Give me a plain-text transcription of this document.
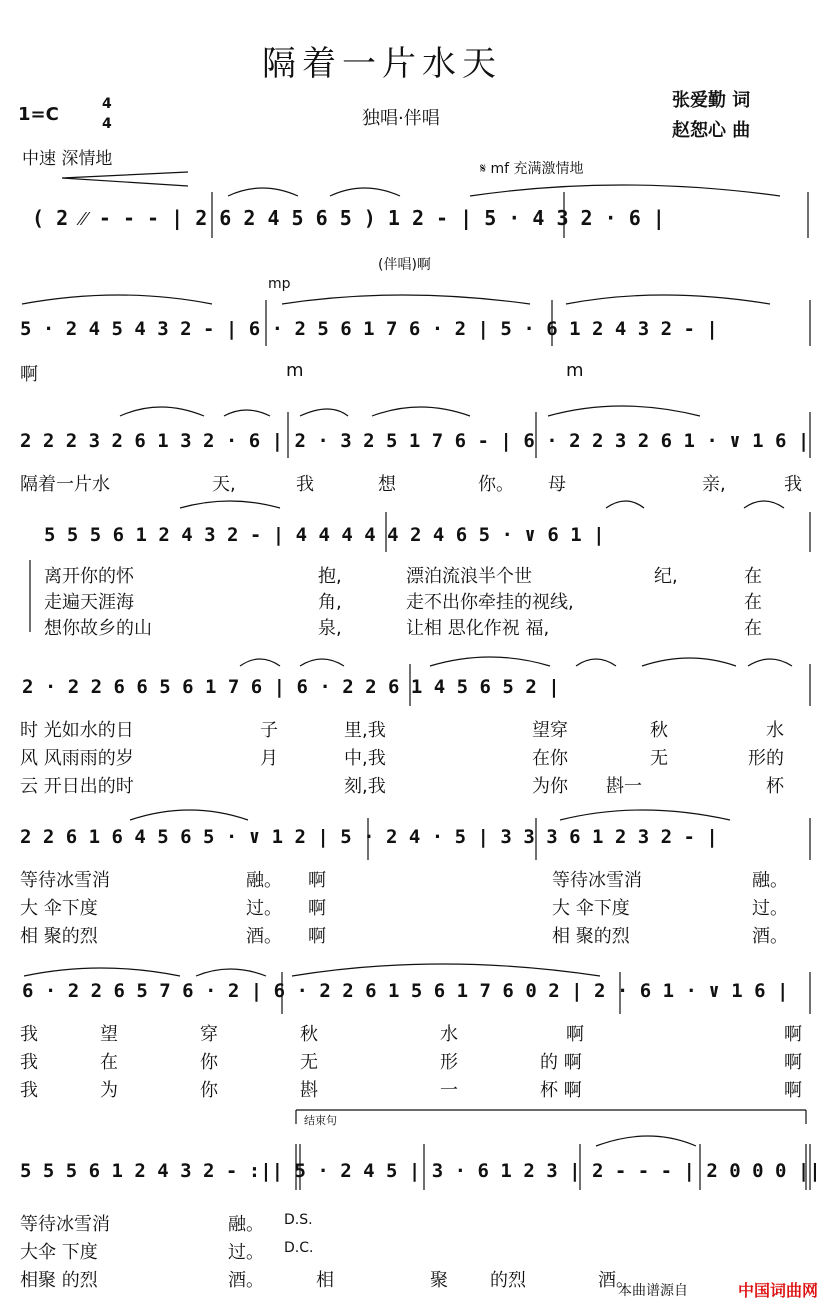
隔着一片水天
1=C	4
4	独唱·伴唱
张爱勤 词
赵恕心 曲
中速 深情地	𝄋 mf 充满激情地
( 2 ⁄⁄ - - - | 2 6 2 4 5 6 5 ) 1 2 - | 5 · 4 3 2 · 6 |
(伴唱)啊
mp
5 · 2 4 5 4 3 2 - | 6 · 2 5 6 1 7 6 · 2 | 5 · 6 1 2 4 3 2 - |
啊	m	m
2 2 2 3 2 6 1 3 2 · 6 | 2 · 3 2 5 1 7 6 - | 6 · 2 2 3 2 6 1 · ∨ 1 6 |
隔着一片水	天,	我	想	你。 母	亲,	我
5 5 5 6 1 2 4 3 2 - | 4 4 4 4 4 2 4 6 5 · ∨ 6 1 |
离开你的怀	抱,	漂泊流浪半个世	纪,	在
走遍天涯海	角,	走不出你牵挂的视线,	在
想你故乡的山	泉,	让相 思化作祝 福,	在
2 · 2 2 6 6 5 6 1 7 6 | 6 · 2 2 6 1 4 5 6 5 2 |
时 光如水的日	子	里,我	望穿	秋	水
风 风雨雨的岁	月	中,我	在你	无	形的
云 开日出的时	刻,我	为你 斟一	杯
2 2 6 1 6 4 5 6 5 · ∨ 1 2 | 5 · 2 4 · 5 | 3 3 3 6 1 2 3 2 - |
等待冰雪消	融。 啊	等待冰雪消	融。
大 伞下度	过。 啊	大 伞下度	过。
相 聚的烈	酒。 啊	相 聚的烈	酒。
6 · 2 2 6 5 7 6 · 2 | 6 · 2 2 6 1 5 6 1 7 6 0 2 | 2 · 6 1 · ∨ 1 6 |
我	望	穿	秋	水	啊	啊
我	在	你	无	形	的 啊	啊
我	为	你	斟	一	杯 啊	啊
结束句
5 5 5 6 1 2 4 3 2 - :|| 5 · 2 4 5 | 3 · 6 1 2 3 | 2 - - - | 2 0 0 0 ||
等待冰雪消	融。 D.S.
大伞 下度	过。 D.C.
相聚 的烈	酒。	相	聚 的烈	酒。
本曲谱源自	中国词曲网
